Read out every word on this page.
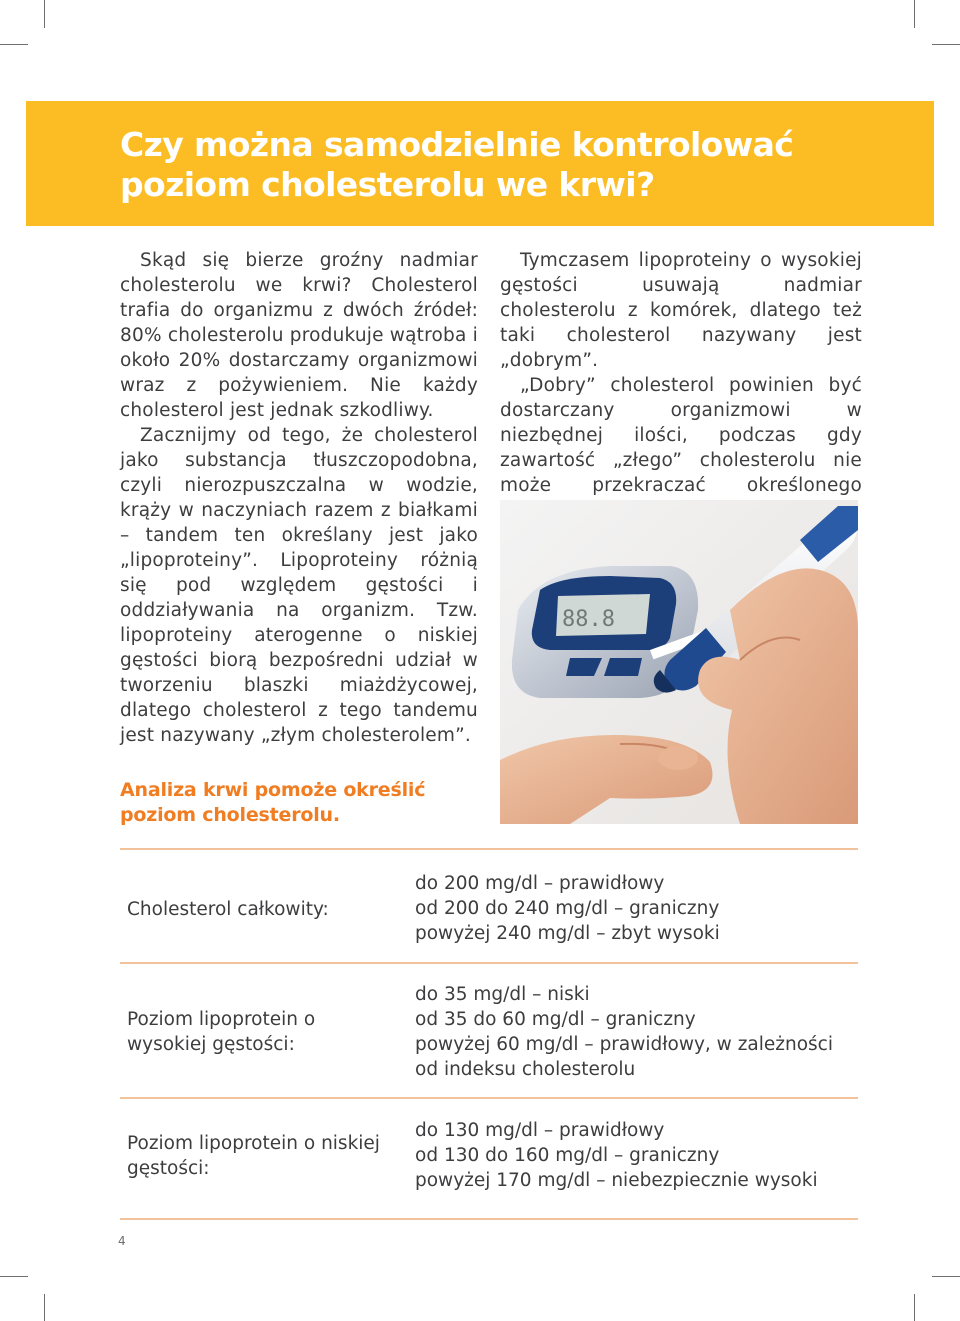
Czy można samodzielnie kontrolować poziom cholesterolu we krwi?

Skąd się bierze groźny nadmiar cholesterolu we krwi? Cholesterol trafia do organizmu z dwóch źródeł: 80% cholesterolu produkuje wątroba i około 20% dostarczamy organizmowi wraz z pożywieniem. Nie każdy cholesterol jest jednak szkodliwy.

Zacznijmy od tego, że cholesterol jako substancja tłuszczopodobna, czyli nierozpuszczalna w wodzie, krąży w naczyniach razem z białkami – tandem ten określany jest jako „lipoproteiny”. Lipoproteiny różnią się pod względem gęstości i oddziaływania na organizm. Tzw. lipoproteiny aterogenne o niskiej gęstości biorą bezpośredni udział w tworzeniu blaszki miażdżycowej, dlatego cholesterol z tego tandemu jest nazywany „złym cholesterolem”.

Tymczasem lipoproteiny o wysokiej gęstości usuwają nadmiar cholesterolu z komórek, dlatego też taki cholesterol nazywany jest „dobrym”.

„Dobry” cholesterol powinien być dostarczany organizmowi w niezbędnej ilości, podczas gdy zawartość „złego” cholesterolu nie może przekraczać określonego

88.8

Analiza krwi pomoże określić poziom cholesterolu.

Cholesterol całkowity:
do 200 mg/dl – prawidłowy
od 200 do 240 mg/dl – graniczny
powyżej 240 mg/dl – zbyt wysoki
Poziom lipoprotein o wysokiej gęstości:
do 35 mg/dl – niski
od 35 do 60 mg/dl – graniczny
powyżej 60 mg/dl – prawidłowy, w zależności
od indeksu cholesterolu
Poziom lipoprotein o niskiej gęstości:
do 130 mg/dl – prawidłowy
od 130 do 160 mg/dl – graniczny
powyżej 170 mg/dl – niebezpiecznie wysoki
4
